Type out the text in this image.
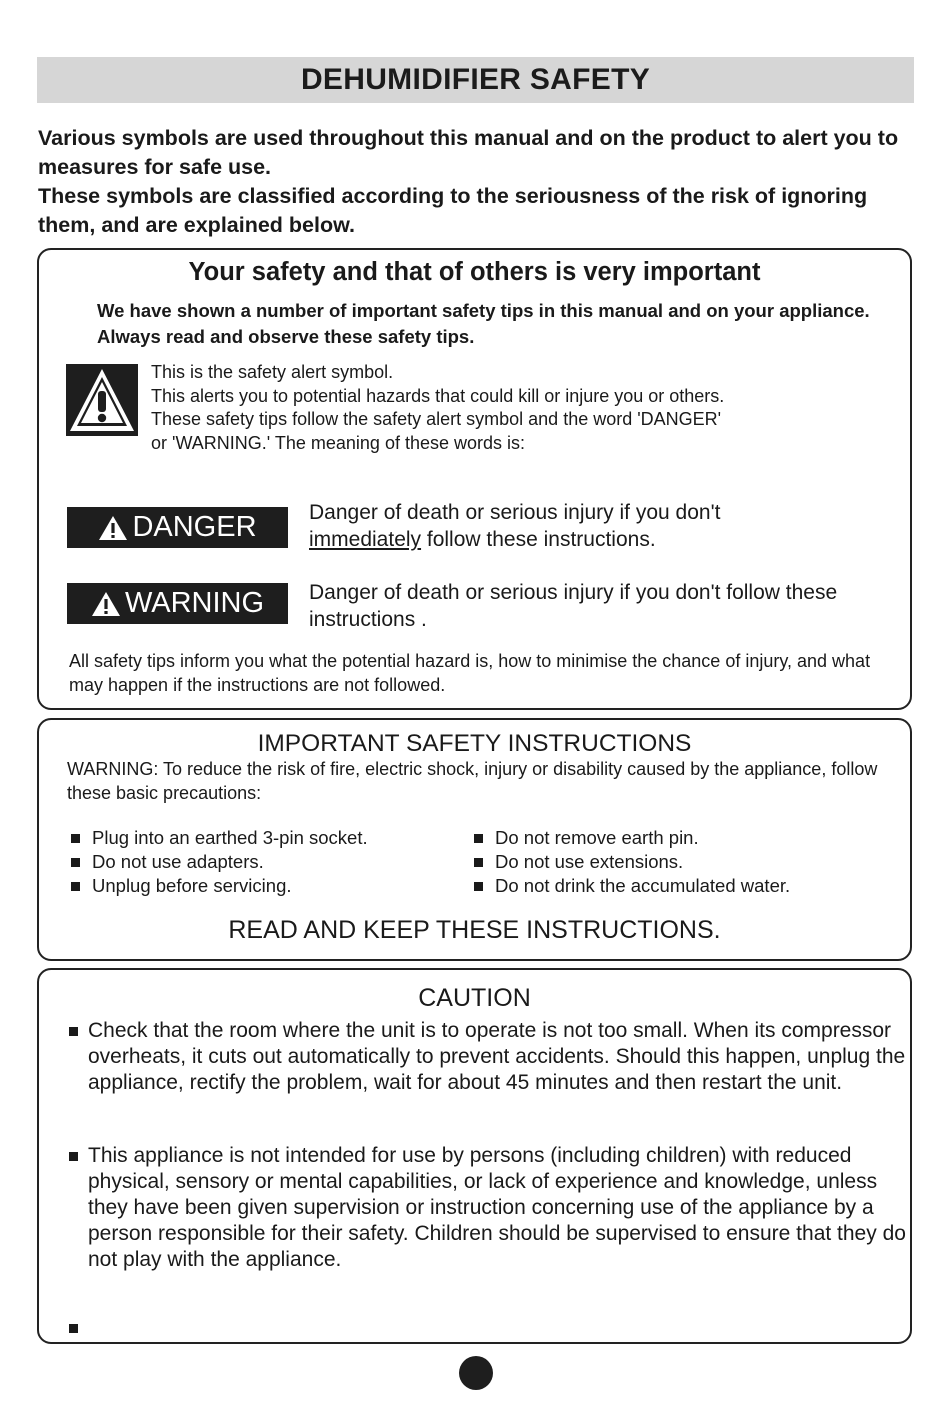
DEHUMIDIFIER SAFETY

Various symbols are used throughout this manual and on the product to alert you to measures for safe use.

These symbols are classified according to the seriousness of the risk of ignoring them, and are explained below.

Your safety and that of others is very important
We have shown a number of important safety tips in this manual and on your appliance. Always read and observe these safety tips.
This is the safety alert symbol.
This alerts you to potential hazards that could kill or injure you or others.
These safety tips follow the safety alert symbol and the word 'DANGER'
or 'WARNING.' The meaning of these words is:
DANGER Danger of death or serious injury if you don't
immediately follow these instructions.
WARNING Danger of death or serious injury if you don't follow these instructions .
All safety tips inform you what the potential hazard is, how to minimise the chance of injury, and what may happen if the instructions are not followed.
IMPORTANT SAFETY INSTRUCTIONS
WARNING: To reduce the risk of fire, electric shock, injury or disability caused by the appliance, follow these basic precautions:
Plug into an earthed 3-pin socket.
Do not use adapters.
Unplug before servicing.
Do not remove earth pin.
Do not use extensions.
Do not drink the accumulated water.
READ AND KEEP THESE INSTRUCTIONS.
CAUTION
Check that the room where the unit is to operate is not too small. When its compressor overheats, it cuts out automatically to prevent accidents. Should this happen, unplug the appliance, rectify the problem, wait for about 45 minutes and then restart the unit.
This appliance is not intended for use by persons (including children) with reduced physical, sensory or mental capabilities, or lack of experience and knowledge, unless they have been given supervision or instruction concerning use of the appliance by a person responsible for their safety. Children should be supervised to ensure that they do not play with the appliance.
